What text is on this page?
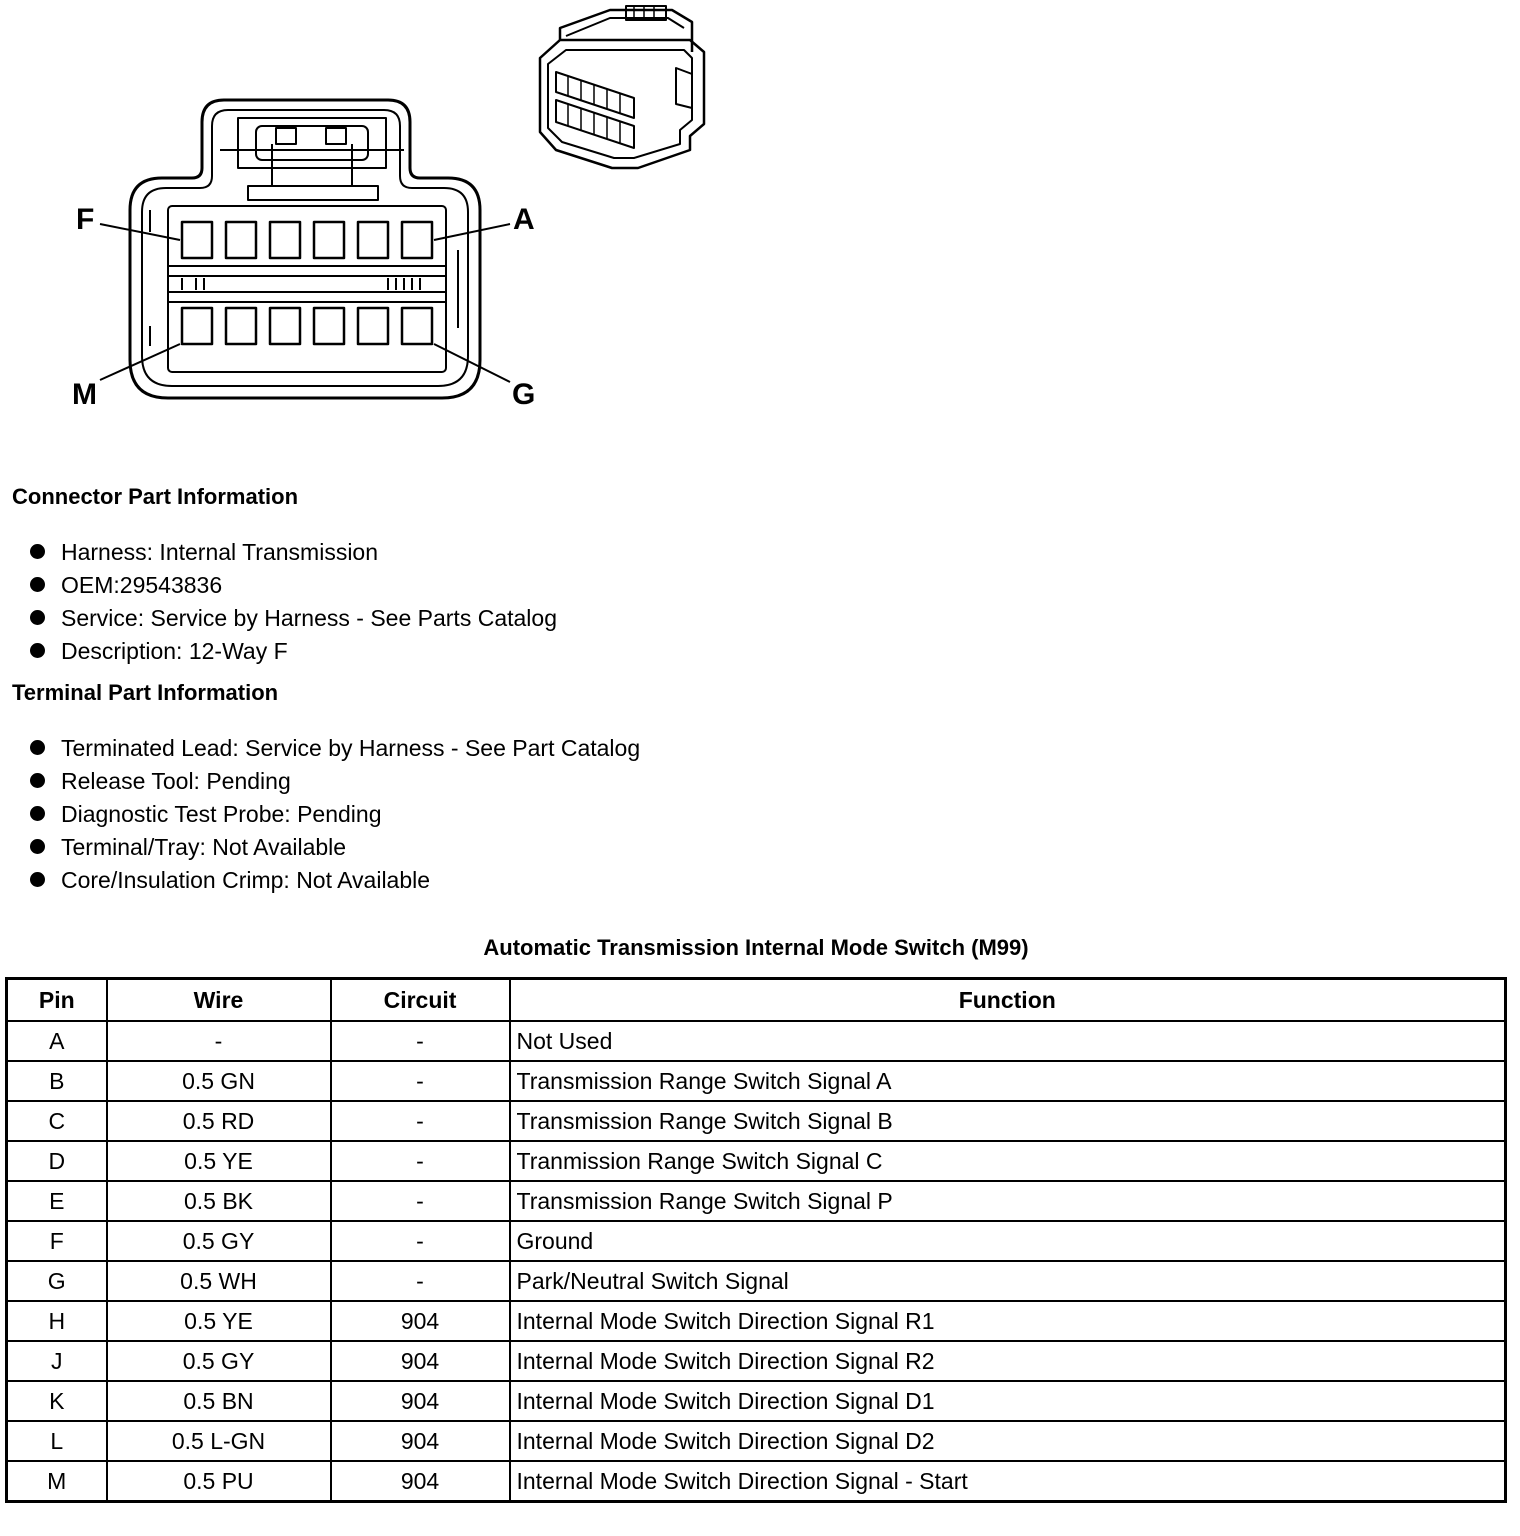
F	A
M	G
Connector Part Information
Harness: Internal Transmission
OEM:29543836
Service: Service by Harness - See Parts Catalog
Description: 12-Way F
Terminal Part Information
Terminated Lead: Service by Harness - See Part Catalog
Release Tool: Pending
Diagnostic Test Probe: Pending
Terminal/Tray: Not Available
Core/Insulation Crimp: Not Available
Automatic Transmission Internal Mode Switch (M99)
Pin	Wire	Circuit	Function
A	-	-	Not Used
B	0.5 GN	-	Transmission Range Switch Signal A
C	0.5 RD	-	Transmission Range Switch Signal B
D	0.5 YE	-	Tranmission Range Switch Signal C
E	0.5 BK	-	Transmission Range Switch Signal P
F	0.5 GY	-	Ground
G	0.5 WH	-	Park/Neutral Switch Signal
H	0.5 YE	904	Internal Mode Switch Direction Signal R1
J	0.5 GY	904	Internal Mode Switch Direction Signal R2
K	0.5 BN	904	Internal Mode Switch Direction Signal D1
L	0.5 L-GN	904	Internal Mode Switch Direction Signal D2
M	0.5 PU	904	Internal Mode Switch Direction Signal - Start
